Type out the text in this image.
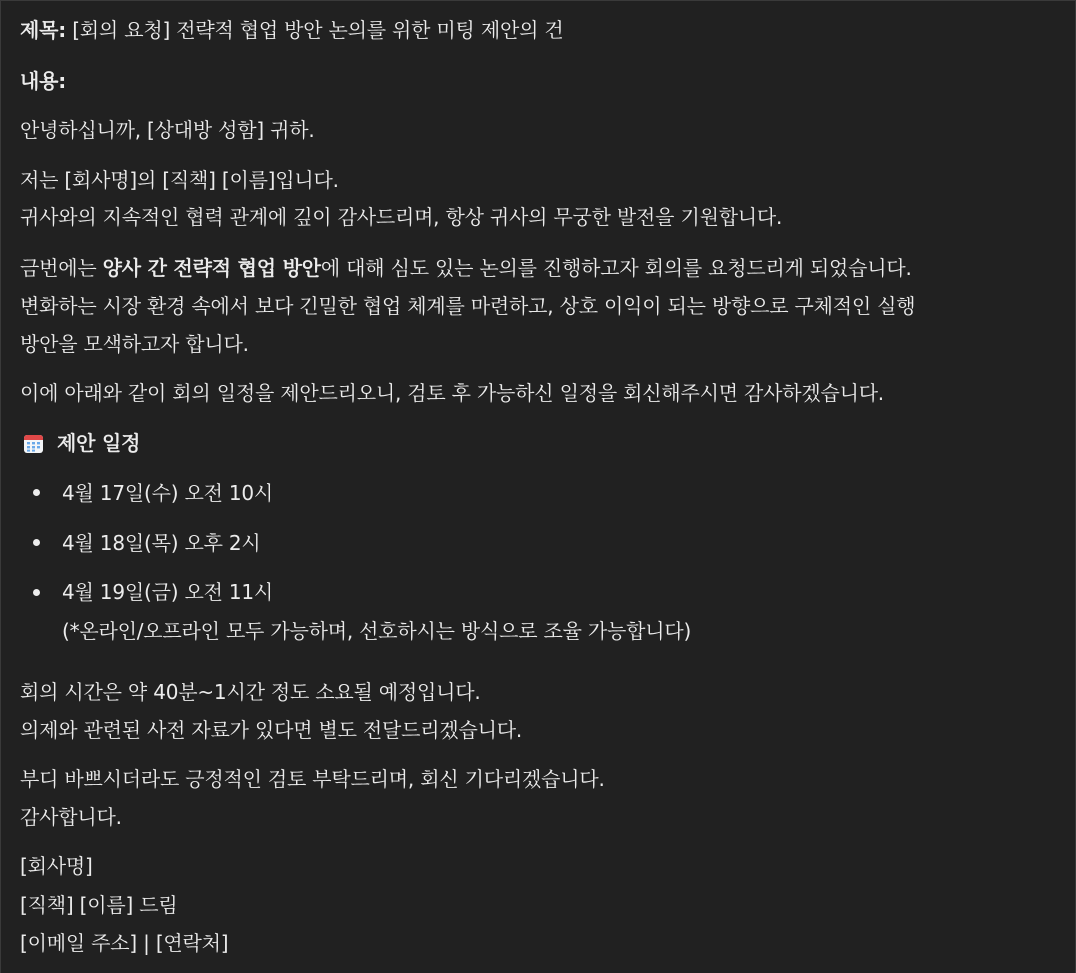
제목: [회의 요청] 전략적 협업 방안 논의를 위한 미팅 제안의 건
내용:
안녕하십니까, [상대방 성함] 귀하.
저는 [회사명]의 [직책] [이름]입니다.
귀사와의 지속적인 협력 관계에 깊이 감사드리며, 항상 귀사의 무궁한 발전을 기원합니다.
금번에는 양사 간 전략적 협업 방안에 대해 심도 있는 논의를 진행하고자 회의를 요청드리게 되었습니다.
변화하는 시장 환경 속에서 보다 긴밀한 협업 체계를 마련하고, 상호 이익이 되는 방향으로 구체적인 실행
방안을 모색하고자 합니다.
이에 아래와 같이 회의 일정을 제안드리오니, 검토 후 가능하신 일정을 회신해주시면 감사하겠습니다.
제안 일정
4월 17일(수) 오전 10시
4월 18일(목) 오후 2시
4월 19일(금) 오전 11시
(*온라인/오프라인 모두 가능하며, 선호하시는 방식으로 조율 가능합니다)
회의 시간은 약 40분~1시간 정도 소요될 예정입니다.
의제와 관련된 사전 자료가 있다면 별도 전달드리겠습니다.
부디 바쁘시더라도 긍정적인 검토 부탁드리며, 회신 기다리겠습니다.
감사합니다.
[회사명]
[직책] [이름] 드림
[이메일 주소] | [연락처]
